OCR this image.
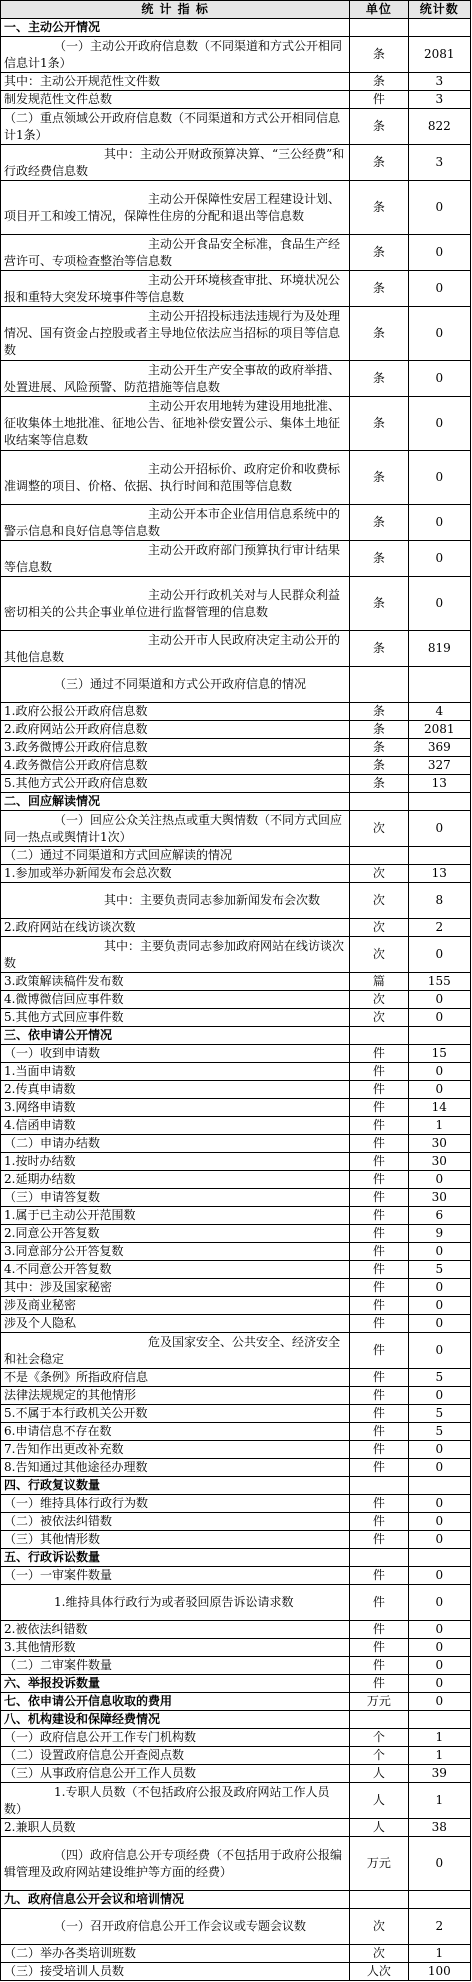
统 计 指 标	单位	统计数
一、主动公开情况		
（一）主动公开政府信息数（不同渠道和方式公开相同信息计1条）	条	2081
其中：主动公开规范性文件数	条	3
制发规范性文件总数	件	3
（二）重点领域公开政府信息数（不同渠道和方式公开相同信息计1条）	条	822
其中：主动公开财政预算决算、“三公经费”和行政经费信息数	条	3
主动公开保障性安居工程建设计划、项目开工和竣工情况，保障性住房的分配和退出等信息数	条	0
主动公开食品安全标准，食品生产经营许可、专项检查整治等信息数	条	0
主动公开环境核查审批、环境状况公报和重特大突发环境事件等信息数	条	0
主动公开招投标违法违规行为及处理情况、国有资金占控股或者主导地位依法应当招标的项目等信息数	条	0
主动公开生产安全事故的政府举措、处置进展、风险预警、防范措施等信息数	条	0
主动公开农用地转为建设用地批准、征收集体土地批准、征地公告、征地补偿安置公示、集体土地征收结案等信息数	条	0
主动公开招标价、政府定价和收费标准调整的项目、价格、依据、执行时间和范围等信息数	条	0
主动公开本市企业信用信息系统中的警示信息和良好信息等信息数	条	0
主动公开政府部门预算执行审计结果等信息数	条	0
主动公开行政机关对与人民群众利益密切相关的公共企事业单位进行监督管理的信息数	条	0
主动公开市人民政府决定主动公开的其他信息数	条	819
（三）通过不同渠道和方式公开政府信息的情况		
1.政府公报公开政府信息数	条	4
2.政府网站公开政府信息数	条	2081
3.政务微博公开政府信息数	条	369
4.政务微信公开政府信息数	条	327
5.其他方式公开政府信息数	条	13
二、回应解读情况		
（一）回应公众关注热点或重大舆情数（不同方式回应同一热点或舆情计1次）	次	0
（二）通过不同渠道和方式回应解读的情况		
1.参加或举办新闻发布会总次数	次	13
其中：主要负责同志参加新闻发布会次数	次	8
2.政府网站在线访谈次数	次	2
其中：主要负责同志参加政府网站在线访谈次数	次	0
3.政策解读稿件发布数	篇	155
4.微博微信回应事件数	次	0
5.其他方式回应事件数	次	0
三、依申请公开情况		
（一）收到申请数	件	15
1.当面申请数	件	0
2.传真申请数	件	0
3.网络申请数	件	14
4.信函申请数	件	1
（二）申请办结数	件	30
1.按时办结数	件	30
2.延期办结数	件	0
（三）申请答复数	件	30
1.属于已主动公开范围数	件	6
2.同意公开答复数	件	9
3.同意部分公开答复数	件	0
4.不同意公开答复数	件	5
其中：涉及国家秘密	件	0
涉及商业秘密	件	0
涉及个人隐私	件	0
危及国家安全、公共安全、经济安全和社会稳定	件	0
不是《条例》所指政府信息	件	5
法律法规规定的其他情形	件	0
5.不属于本行政机关公开数	件	5
6.申请信息不存在数	件	5
7.告知作出更改补充数	件	0
8.告知通过其他途径办理数	件	0
四、行政复议数量		
（一）维持具体行政行为数	件	0
（二）被依法纠错数	件	0
（三）其他情形数	件	0
五、行政诉讼数量		
（一）一审案件数量	件	0
1.维持具体行政行为或者驳回原告诉讼请求数	件	0
2.被依法纠错数	件	0
3.其他情形数	件	0
（二）二审案件数量	件	0
六、举报投诉数量	件	0
七、依申请公开信息收取的费用	万元	0
八、机构建设和保障经费情况		
（一）政府信息公开工作专门机构数	个	1
（二）设置政府信息公开查阅点数	个	1
（三）从事政府信息公开工作人员数	人	39
1.专职人员数（不包括政府公报及政府网站工作人员数）	人	1
2.兼职人员数	人	38
（四）政府信息公开专项经费（不包括用于政府公报编辑管理及政府网站建设维护等方面的经费）	万元	0
九、政府信息公开会议和培训情况		
（一）召开政府信息公开工作会议或专题会议数	次	2
（二）举办各类培训班数	次	1
（三）接受培训人员数	人次	100
